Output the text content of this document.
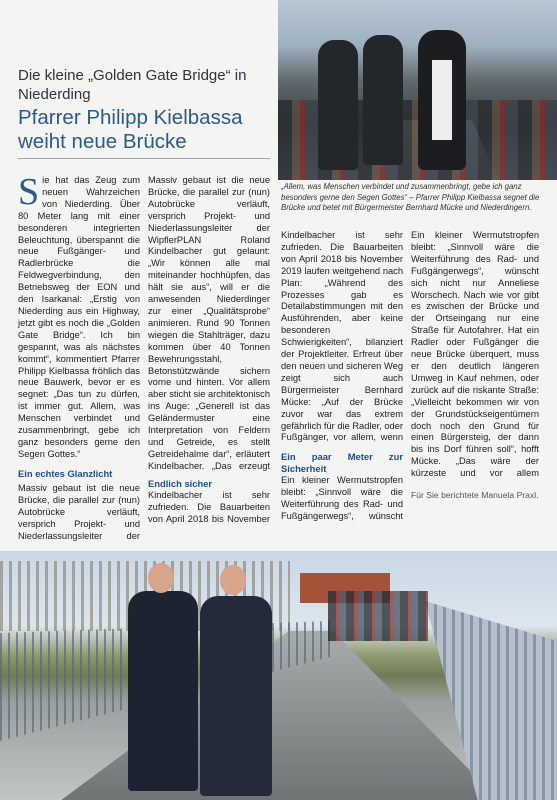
Die kleine „Golden Gate Bridge“ in Niederding
Pfarrer Philipp Kielbassa weiht neue Brücke
„Allem, was Menschen verbindet und zusammenbringt, gebe ich ganz besonders gerne den Segen Gottes“ – Pfarrer Philipp Kielbassa segnet die Brücke und betet mit Bürgermeister Bernhard Mücke und Niederdingern.

Sie hat das Zeug zum neuen Wahrzeichen von Niederding. Über 80 Meter lang mit einer besonderen integrierten Beleuchtung, überspannt die neue Fußgänger- und Radlerbrücke die Feldwegverbindung, den Betriebsweg der EON und den Isarkanal: „Erstig von Niederding aus ein Highway, jetzt gibt es noch die „Golden Gate Bridge“. Ich bin gespannt, was als nächstes kommt“, kommentiert Pfarrer Philipp Kielbassa fröhlich das neue Bauwerk, bevor er es segnet: „Das tun zu dürfen, ist immer gut. Allem, was Menschen verbindet und zusammenbringt, gebe ich ganz besonders gerne den Segen Gottes.“

Ein echtes Glanzlicht

Massiv gebaut ist die neue Brücke, die parallel zur (nun) Autobrücke verläuft, versprich Projekt- und Niederlassungsleiter der

Massiv gebaut ist die neue Brücke, die parallel zur (nun) Autobrücke verläuft, versprich Projekt- und Niederlassungsleiter der WipflerPLAN Roland Kindelbacher gut gelaunt: „Wir können alle mal miteinander hochhüpfen, das hält sie aus“, will er die anwesenden Niederdinger zur einer „Qualitätsprobe“ animieren. Rund 90 Tonnen wiegen die Stahlträger, dazu kommen über 40 Tonnen Bewehrungsstahl, Betonstützwände sichern vorne und hinten. Vor allem aber sticht sie architektonisch ins Auge: „Generell ist das Geländermuster eine Interpretation von Feldern und Getreide, es stellt Getreidehalme dar“, erläutert Kindelbacher. „Das erzeugt

Endlich sicher

Kindelbacher ist sehr zufrieden. Die Bauarbeiten von April 2018 bis November

Kindelbacher ist sehr zufrieden. Die Bauarbeiten von April 2018 bis November 2019 laufen weitgehend nach Plan: „Während des Prozesses gab es Detailabstimmungen mit den Ausführenden, aber keine besonderen Schwierigkeiten“, bilanziert der Projektleiter. Erfreut über den neuen und sicheren Weg zeigt sich auch Bürgermeister Bernhard Mücke: „Auf der Brücke zuvor war das extrem gefährlich für die Radler, oder Fußgänger, vor allem, wenn

Ein paar Meter zur Sicherheit

Ein kleiner Wermutstropfen bleibt: „Sinnvoll wäre die Weiterführung des Rad- und Fußgängerwegs“, wünscht

Ein kleiner Wermutstropfen bleibt: „Sinnvoll wäre die Weiterführung des Rad- und Fußgängerwegs“, wünscht sich nicht nur Anneliese Worschech. Nach wie vor gibt es zwischen der Brücke und der Ortseingang nur eine Straße für Autofahrer. Hat ein Radler oder Fußgänger die neue Brücke überquert, muss er den deutlich längeren Umweg in Kauf nehmen, oder zurück auf die riskante Straße: „Vielleicht bekommen wir von der Grundstückseigentümern doch noch den Grund für einen Bürgersteig, der dann bis ins Dorf führen soll“, hofft Mücke. „Das wäre der kürzeste und vor allem

Für Sie berichtete Manuela Praxl.
